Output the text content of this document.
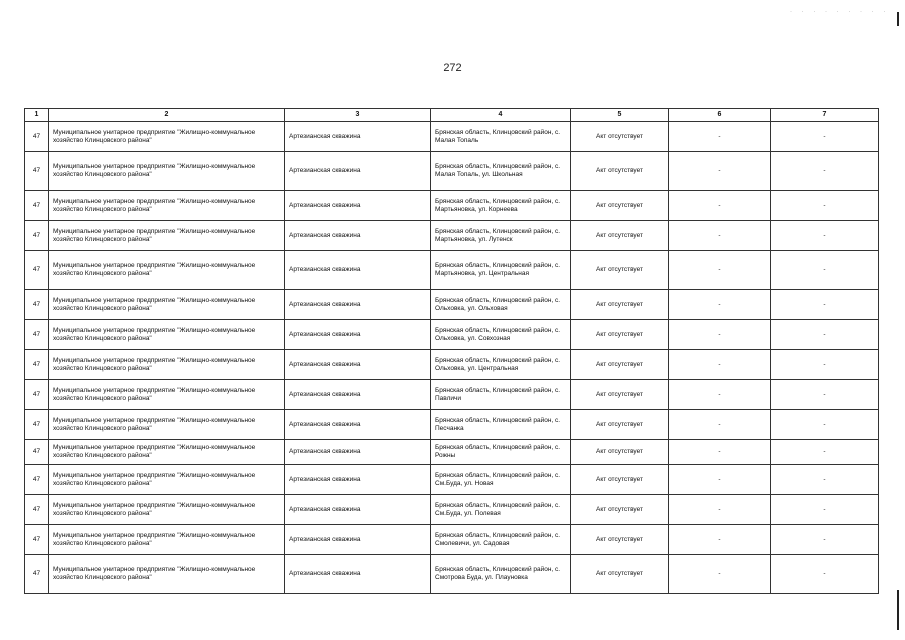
· · · · · · · · ·
272
1	2	3	4	5	6	7
47	Муниципальное унитарное предприятие "Жилищно-коммунальное хозяйство Клинцовского района"	Артезианская скважина	Брянская область, Клинцовский район, с. Малая Топаль	Акт отсутствует	-	-
47	Муниципальное унитарное предприятие "Жилищно-коммунальное хозяйство Клинцовского района"	Артезианская скважина	Брянская область, Клинцовский район, с. Малая Топаль, ул. Школьная	Акт отсутствует	-	-
47	Муниципальное унитарное предприятие "Жилищно-коммунальное хозяйство Клинцовского района"	Артезианская скважина	Брянская область, Клинцовский район, с. Мартьяновка, ул. Корнеева	Акт отсутствует	-	-
47	Муниципальное унитарное предприятие "Жилищно-коммунальное хозяйство Клинцовского района"	Артезианская скважина	Брянская область, Клинцовский район, с. Мартьяновка, ул. Лутенск	Акт отсутствует	-	-
47	Муниципальное унитарное предприятие "Жилищно-коммунальное хозяйство Клинцовского района"	Артезианская скважина	Брянская область, Клинцовский район, с. Мартьяновка, ул. Центральная	Акт отсутствует	-	-
47	Муниципальное унитарное предприятие "Жилищно-коммунальное хозяйство Клинцовского района"	Артезианская скважина	Брянская область, Клинцовский район, с. Ольховка, ул. Ольховая	Акт отсутствует	-	-
47	Муниципальное унитарное предприятие "Жилищно-коммунальное хозяйство Клинцовского района"	Артезианская скважина	Брянская область, Клинцовский район, с. Ольховка, ул. Совхозная	Акт отсутствует	-	-
47	Муниципальное унитарное предприятие "Жилищно-коммунальное хозяйство Клинцовского района"	Артезианская скважина	Брянская область, Клинцовский район, с. Ольховка, ул. Центральная	Акт отсутствует	-	-
47	Муниципальное унитарное предприятие "Жилищно-коммунальное хозяйство Клинцовского района"	Артезианская скважина	Брянская область, Клинцовский район, с. Павличи	Акт отсутствует	-	-
47	Муниципальное унитарное предприятие "Жилищно-коммунальное хозяйство Клинцовского района"	Артезианская скважина	Брянская область, Клинцовский район, с. Песчанка	Акт отсутствует	-	-
47	Муниципальное унитарное предприятие "Жилищно-коммунальное хозяйство Клинцовского района"	Артезианская скважина	Брянская область, Клинцовский район, с. Рожны	Акт отсутствует	-	-
47	Муниципальное унитарное предприятие "Жилищно-коммунальное хозяйство Клинцовского района"	Артезианская скважина	Брянская область, Клинцовский район, с. См.Буда, ул. Новая	Акт отсутствует	-	-
47	Муниципальное унитарное предприятие "Жилищно-коммунальное хозяйство Клинцовского района"	Артезианская скважина	Брянская область, Клинцовский район, с. См.Буда, ул. Полевая	Акт отсутствует	-	-
47	Муниципальное унитарное предприятие "Жилищно-коммунальное хозяйство Клинцовского района"	Артезианская скважина	Брянская область, Клинцовский район, с. Смолевичи, ул. Садовая	Акт отсутствует	-	-
47	Муниципальное унитарное предприятие "Жилищно-коммунальное хозяйство Клинцовского района"	Артезианская скважина	Брянская область, Клинцовский район, с. Смотрова Буда, ул. Плауновка	Акт отсутствует	-	-
